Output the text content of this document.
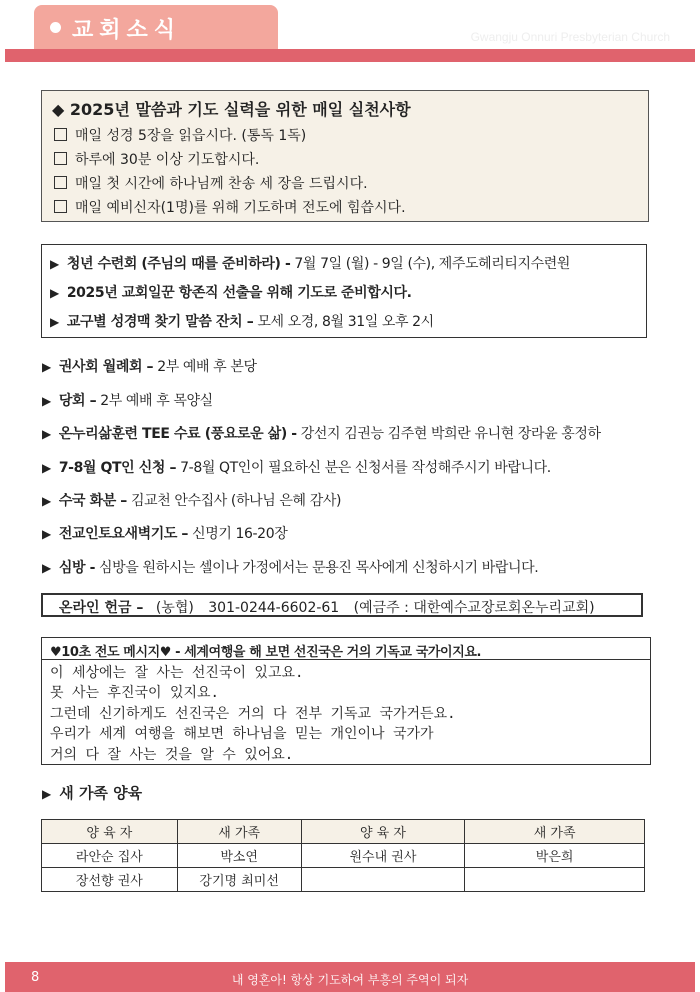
교회소식	Gwangju Onnuri Presbyterian Church
◆ 2025년 말씀과 기도 실력을 위한 매일 실천사항
매일 성경 5장을 읽읍시다. (통독 1독)
하루에 30분 이상 기도합시다.
매일 첫 시간에 하나님께 찬송 세 장을 드립시다.
매일 예비신자(1명)를 위해 기도하며 전도에 힘씁시다.
▶ 청년 수련회 (주님의 때를 준비하라) - 7월 7일 (월) - 9일 (수), 제주도헤리티지수련원
▶ 2025년 교회일꾼 항존직 선출을 위해 기도로 준비합시다.
▶ 교구별 성경맥 찾기 말씀 잔치 – 모세 오경, 8월 31일 오후 2시
▶ 권사회 월례회 – 2부 예배 후 본당
▶ 당회 – 2부 예배 후 목양실
▶ 온누리삶훈련 TEE 수료 (풍요로운 삶) - 강선지 김권능 김주현 박희란 유니현 장라윤 홍정하
▶ 7-8월 QT인 신청 – 7-8월 QT인이 필요하신 분은 신청서를 작성해주시기 바랍니다.
▶ 수국 화분 – 김교천 안수집사 (하나님 은혜 감사)
▶ 전교인토요새벽기도 – 신명기 16-20장
▶ 심방 - 심방을 원하시는 셀이나 가정에서는 문용진 목사에게 신청하시기 바랍니다.
온라인 헌금 – (농협) 301-0244-6602-61 (예금주 : 대한예수교장로회온누리교회)
♥10초 전도 메시지♥ - 세계여행을 해 보면 선진국은 거의 기독교 국가이지요.
이 세상에는 잘 사는 선진국이 있고요.
못 사는 후진국이 있지요.
그런데 신기하게도 선진국은 거의 다 전부 기독교 국가거든요.
우리가 세계 여행을 해보면 하나님을 믿는 개인이나 국가가
거의 다 잘 사는 것을 알 수 있어요.
▶ 새 가족 양육
양 육 자	새 가족	양 육 자	새 가족
라안순 집사	박소연	원수내 권사	박은희
장선향 권사	강기명 최미선		
8	내 영혼아! 항상 기도하여 부흥의 주역이 되자
